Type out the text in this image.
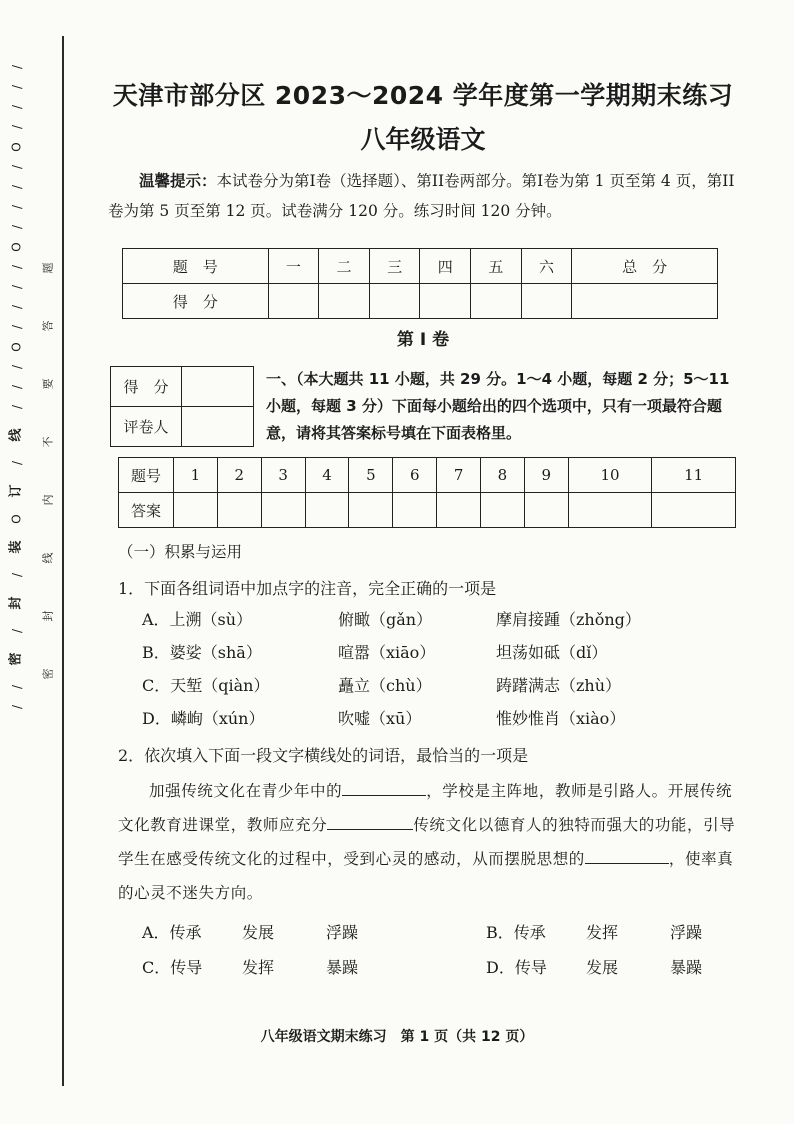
/
/
/
/
O
/
/
/
/
O
/
/
/
/
O
/
/
/
线
/
订
O
装
/
封
/
密
/
/
题
答
要
不
内
线
封
密
天津市部分区 2023～2024 学年度第一学期期末练习
八年级语文

温馨提示：本试卷分为第I卷（选择题）、第II卷两部分。第I卷为第 1 页至第 4 页，第II卷为第 5 页至第 12 页。试卷满分 120 分。练习时间 120 分钟。

题　号	一	二	三	四	五	六	总　分
得　分							
第 I 卷
得　分	
评卷人	

一、（本大题共 11 小题，共 29 分。1～4 小题，每题 2 分；5～11 小题，每题 3 分）下面每小题给出的四个选项中，只有一项最符合题意，请将其答案标号填在下面表格里。

题号	1	2	3	4	5	6	7	8	9	10	11
答案											
（一）积累与运用
1．下面各组词语中加点字的注音，完全正确的一项是
A．上溯（sù）	俯瞰（gǎn）	摩肩接踵（zhǒng）
B．婆娑（shā）	喧嚣（xiāo）	坦荡如砥（dǐ）
C．天堑（qiàn）	矗立（chù）	踌躇满志（zhù）
D．嶙峋（xún）	吹嘘（xū）	惟妙惟肖（xiào）
2．依次填入下面一段文字横线处的词语，最恰当的一项是

加强传统文化在青少年中的	，学校是主阵地，教师是引路人。开展传统文化教育进课堂，教师应充分	传统文化以德育人的独特而强大的功能，引导学生在感受传统文化的过程中，受到心灵的感动，从而摆脱思想的	，使率真的心灵不迷失方向。

A．传承	发展	浮躁	B．传承	发挥	浮躁
C．传导	发挥	暴躁	D．传导	发展	暴躁
八年级语文期末练习　第 1 页（共 12 页）
